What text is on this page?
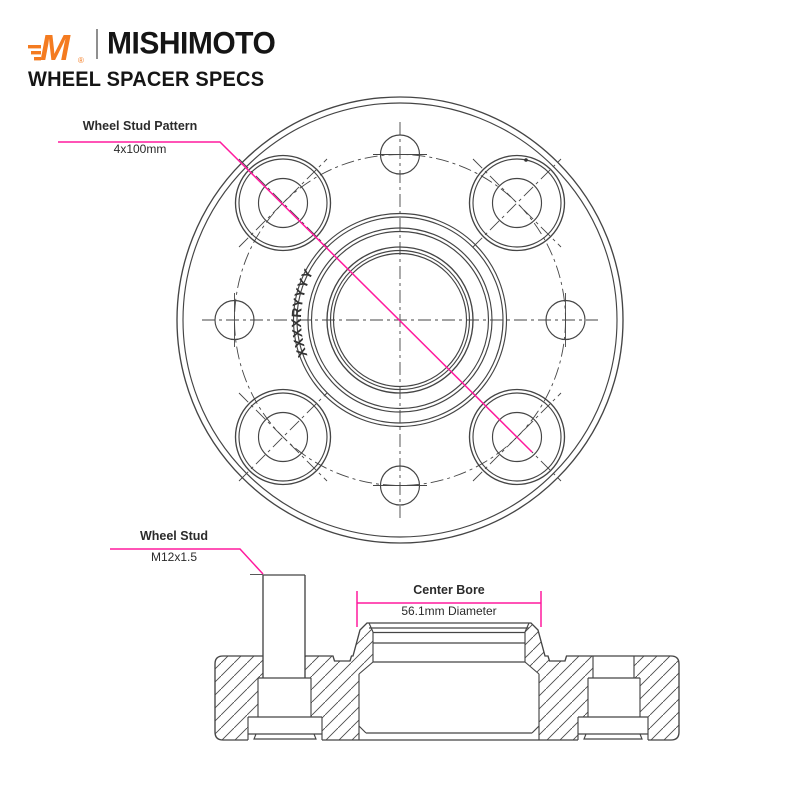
M ® MISHIMOTO
WHEEL SPACER SPECS
XXXXRYYYY
Wheel Stud Pattern
4x100mm
Wheel Stud
M12x1.5
Center Bore
56.1mm Diameter
